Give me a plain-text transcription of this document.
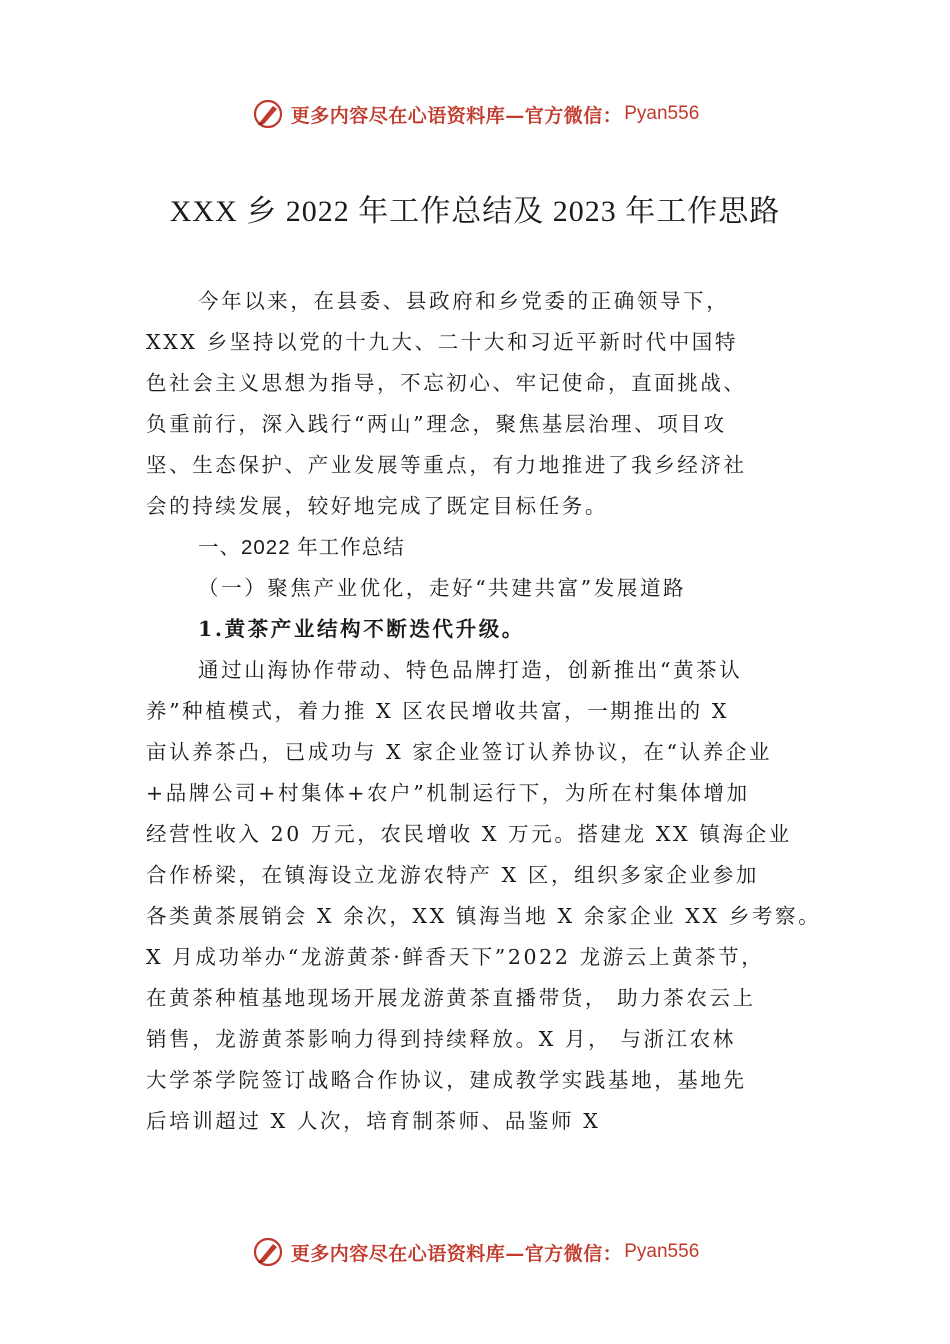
更多内容尽在心语资料库—官方微信： Pyan556
XXX 乡 2022 年工作总结及 2023 年工作思路

今年以来，在县委、县政府和乡党委的正确领导下，

XXX 乡坚持以党的十九大、二十大和习近平新时代中国特

色社会主义思想为指导，不忘初心、牢记使命，直面挑战、

负重前行，深入践行“两山”理念，聚焦基层治理、项目攻

坚、生态保护、产业发展等重点，有力地推进了我乡经济社

会的持续发展，较好地完成了既定目标任务。

一、2022 年工作总结

（一）聚焦产业优化，走好“共建共富”发展道路

1.黄茶产业结构不断迭代升级。

通过山海协作带动、特色品牌打造，创新推出“黄茶认

养”种植模式，着力推 X 区农民增收共富，一期推出的 X

亩认养茶凸，已成功与 X 家企业签订认养协议，在“认养企业

+品牌公司+村集体+农户”机制运行下，为所在村集体增加

经营性收入 20 万元，农民增收 X 万元。搭建龙 XX 镇海企业

合作桥梁，在镇海设立龙游农特产 X 区，组织多家企业参加

各类黄茶展销会 X 余次，XX 镇海当地 X 余家企业 XX 乡考察。

X 月成功举办“龙游黄茶·鲜香天下”2022 龙游云上黄茶节，

在黄茶种植基地现场开展龙游黄茶直播带货， 助力茶农云上

销售，龙游黄茶影响力得到持续释放。X 月， 与浙江农林

大学茶学院签订战略合作协议，建成教学实践基地，基地先

后培训超过 X 人次，培育制茶师、品鉴师 X

更多内容尽在心语资料库—官方微信： Pyan556
